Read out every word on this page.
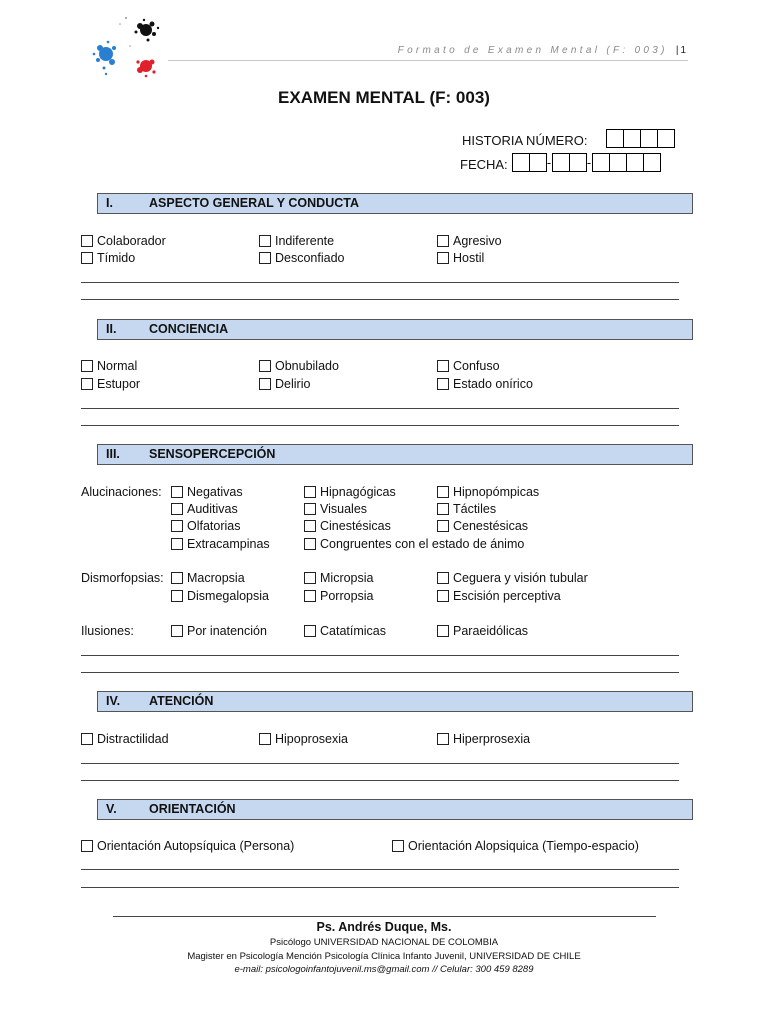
Formato de Examen Mental (F: 003) | 1
EXAMEN MENTAL (F: 003)
HISTORIA NÚMERO:
FECHA:	-	-
I.	ASPECTO GENERAL Y CONDUCTA
Colaborador	Indiferente	Agresivo
Tímido	Desconfiado	Hostil
II.	CONCIENCIA
Normal	Obnubilado	Confuso
Estupor	Delirio	Estado onírico
III. SENSOPERCEPCIÓN
Alucinaciones: Negativas	Hipnagógicas	Hipnopómpicas
Auditivas	Visuales	Táctiles
Olfatorias	Cinestésicas	Cenestésicas
Extracampinas	Congruentes con el estado de ánimo
Dismorfopsias: Macropsia	Micropsia	Ceguera y visión tubular
Dismegalopsia	Porropsia	Escisión perceptiva
Ilusiones:	Por inatención	Catatímicas	Paraeidólicas
IV. ATENCIÓN
Distractilidad	Hipoprosexia	Hiperprosexia
V.	ORIENTACIÓN
Orientación Autopsíquica (Persona)	Orientación Alopsiquica (Tiempo-espacio)
Ps. Andrés Duque, Ms.
Psicólogo UNIVERSIDAD NACIONAL DE COLOMBIA
Magister en Psicología Mención Psicología Clínica Infanto Juvenil, UNIVERSIDAD DE CHILE
e-mail: psicologoinfantojuvenil.ms@gmail.com // Celular: 300 459 8289
